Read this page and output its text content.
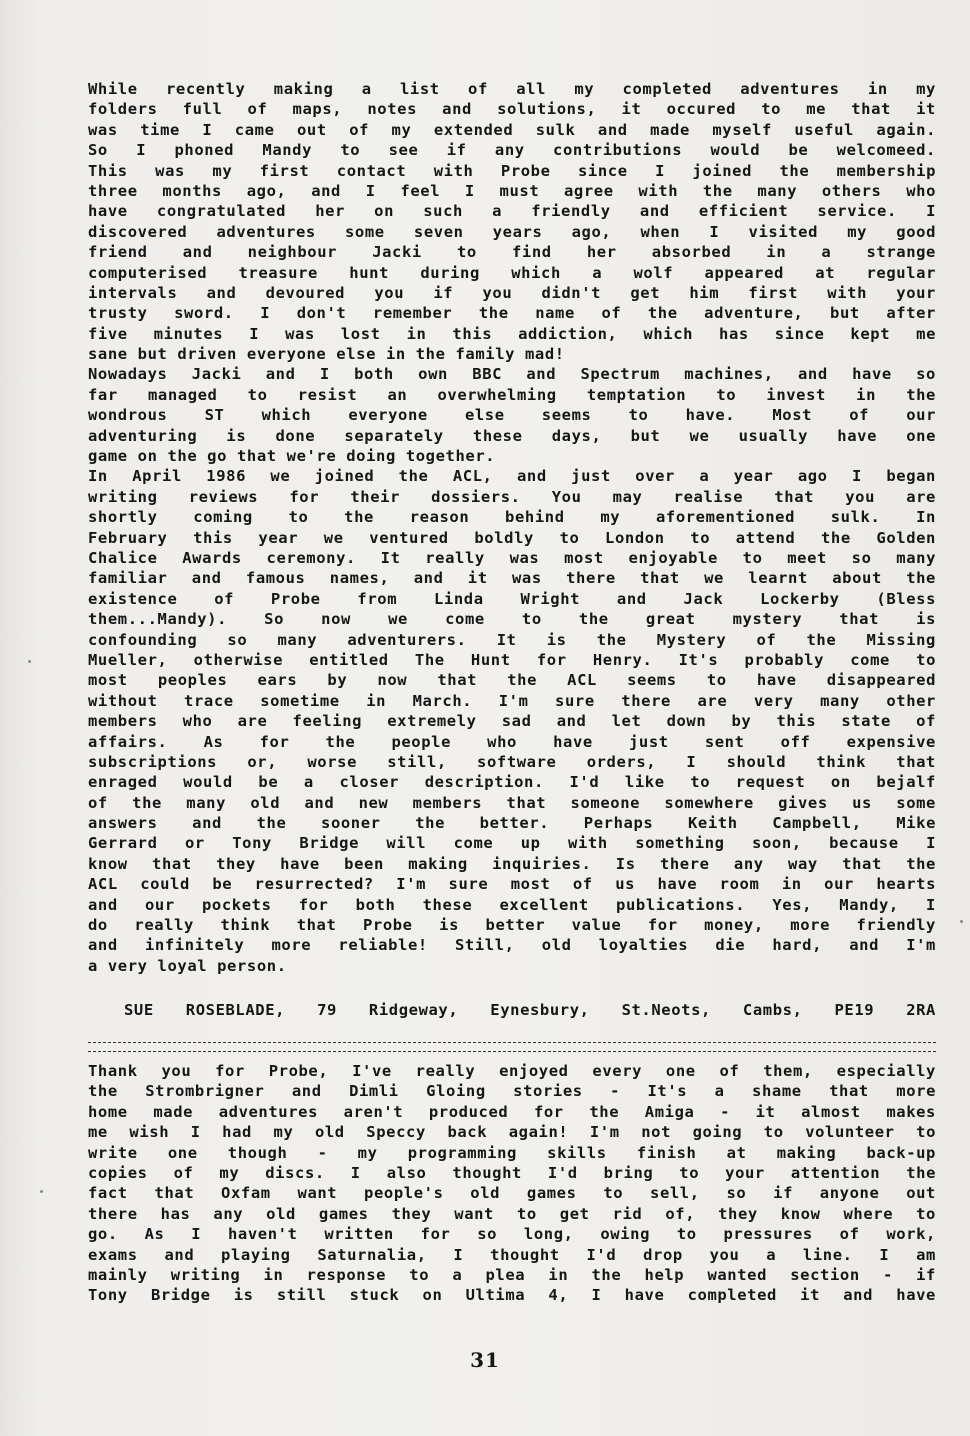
While recently making a list of all my completed adventures in my
folders full of maps, notes and solutions, it occured to me that it
was time I came out of my extended sulk and made myself useful again.
So I phoned Mandy to see if any contributions would be welcomeed.
This was my first contact with Probe since I joined the membership
three months ago, and I feel I must agree with the many others who
have congratulated her on such a friendly and efficient service. I
discovered adventures some seven years ago, when I visited my good
friend and neighbour Jacki to find her absorbed in a strange
computerised treasure hunt during which a wolf appeared at regular
intervals and devoured you if you didn't get him first with your
trusty sword. I don't remember the name of the adventure, but after
five minutes I was lost in this addiction, which has since kept me
sane but driven everyone else in the family mad!
Nowadays Jacki and I both own BBC and Spectrum machines, and have so
far managed to resist an overwhelming temptation to invest in the
wondrous ST which everyone else seems to have. Most of our
adventuring is done separately these days, but we usually have one
game on the go that we're doing together.
In April 1986 we joined the ACL, and just over a year ago I began
writing reviews for their dossiers. You may realise that you are
shortly coming to the reason behind my aforementioned sulk. In
February this year we ventured boldly to London to attend the Golden
Chalice Awards ceremony. It really was most enjoyable to meet so many
familiar and famous names, and it was there that we learnt about the
existence of Probe from Linda Wright and Jack Lockerby (Bless
them...Mandy). So now we come to the great mystery that is
confounding so many adventurers. It is the Mystery of the Missing
Mueller, otherwise entitled The Hunt for Henry. It's probably come to
most peoples ears by now that the ACL seems to have disappeared
without trace sometime in March. I'm sure there are very many other
members who are feeling extremely sad and let down by this state of
affairs. As for the people who have just sent off expensive
subscriptions or, worse still, software orders, I should think that
enraged would be a closer description. I'd like to request on bejalf
of the many old and new members that someone somewhere gives us some
answers and the sooner the better. Perhaps Keith Campbell, Mike
Gerrard or Tony Bridge will come up with something soon, because I
know that they have been making inquiries. Is there any way that the
ACL could be resurrected? I'm sure most of us have room in our hearts
and our pockets for both these excellent publications. Yes, Mandy, I
do really think that Probe is better value for money, more friendly
and infinitely more reliable! Still, old loyalties die hard, and I'm
a very loyal person.
SUE ROSEBLADE, 79 Ridgeway, Eynesbury, St.Neots, Cambs, PE19 2RA
Thank you for Probe, I've really enjoyed every one of them, especially
the Strombrigner and Dimli Gloing stories - It's a shame that more
home made adventures aren't produced for the Amiga - it almost makes
me wish I had my old Speccy back again! I'm not going to volunteer to
write one though - my programming skills finish at making back-up
copies of my discs. I also thought I'd bring to your attention the
fact that Oxfam want people's old games to sell, so if anyone out
there has any old games they want to get rid of, they know where to
go. As I haven't written for so long, owing to pressures of work,
exams and playing Saturnalia, I thought I'd drop you a line. I am
mainly writing in response to a plea in the help wanted section - if
Tony Bridge is still stuck on Ultima 4, I have completed it and have
31
